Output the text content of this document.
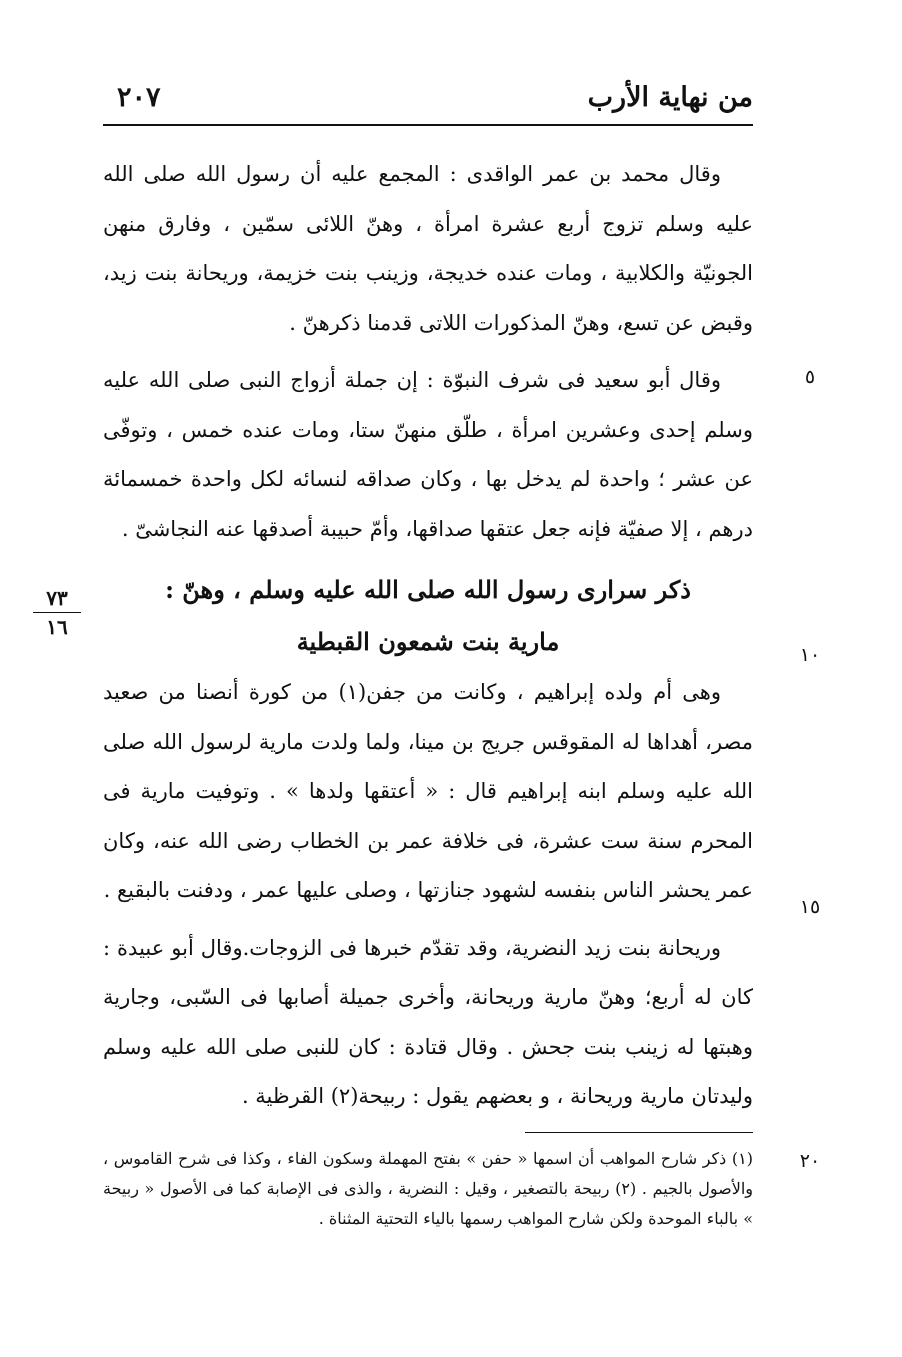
من نهاية الأرب
٢٠٧
٧٣
١٦
٥
١٠
١٥
٢٠

وقال محمد بن عمر الواقدى : المجمع عليه أن رسول الله صلى الله عليه وسلم تزوج أربع عشرة امرأة ، وهنّ اللائى سمّين ، وفارق منهن الجونيّة والكلابية ، ومات عنده خديجة، وزينب بنت خزيمة، وريحانة بنت زيد، وقبض عن تسع، وهنّ المذكورات اللاتى قدمنا ذكرهنّ .

وقال أبو سعيد فى شرف النبوّة : إن جملة أزواج النبى صلى الله عليه وسلم إحدى وعشرين امرأة ، طلّق منهنّ ستا، ومات عنده خمس ، وتوفّى عن عشر ؛ واحدة لم يدخل بها ، وكان صداقه لنسائه لكل واحدة خمسمائة درهم ، إلا صفيّة فإنه جعل عتقها صداقها، وأمّ حبيبة أصدقها عنه النجاشىّ .

ذكر سرارى رسول الله صلى الله عليه وسلم ، وهنّ :
مارية بنت شمعون القبطية

وهى أم ولده إبراهيم ، وكانت من جفن(١) من كورة أنصنا من صعيد مصر، أهداها له المقوقس جريج بن مينا، ولما ولدت مارية لرسول الله صلى الله عليه وسلم ابنه إبراهيم قال : « أعتقها ولدها » . وتوفيت مارية فى المحرم سنة ست عشرة، فى خلافة عمر بن الخطاب رضى الله عنه، وكان عمر يحشر الناس بنفسه لشهود جنازتها ، وصلى عليها عمر ، ودفنت بالبقيع .

وريحانة بنت زيد النضرية، وقد تقدّم خبرها فى الزوجات.وقال أبو عبيدة : كان له أربع؛ وهنّ مارية وريحانة، وأخرى جميلة أصابها فى السّبى، وجارية وهبتها له زينب بنت جحش . وقال قتادة : كان للنبى صلى الله عليه وسلم وليدتان مارية وريحانة ، و بعضهم يقول : ربيحة(٢) القرظية .

(١) ذكر شارح المواهب أن اسمها « حفن » بفتح المهملة وسكون الفاء ، وكذا فى شرح القاموس ، والأصول بالجيم . (٢) ربيحة بالتصغير ، وقيل : النضرية ، والذى فى الإصابة كما فى الأصول « ربيحة » بالباء الموحدة ولكن شارح المواهب رسمها بالياء التحتية المثناة .
